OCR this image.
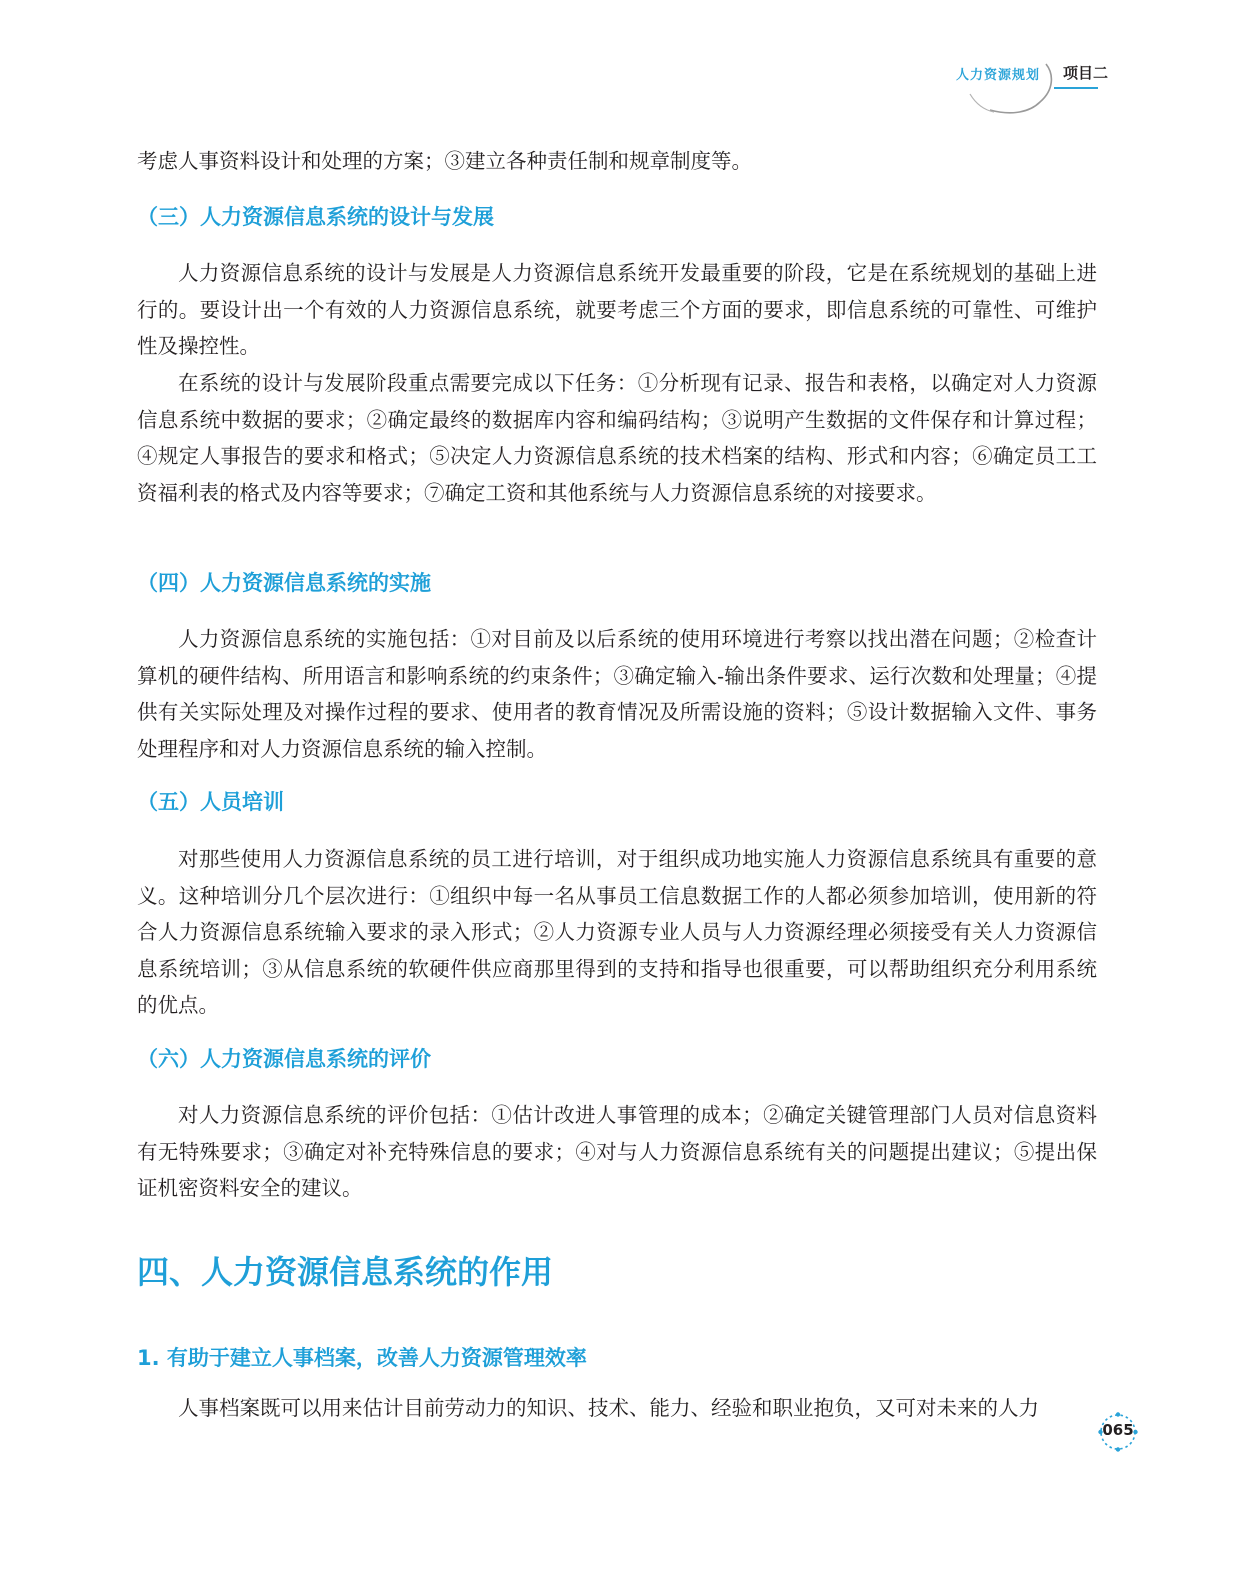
人力资源规划 项目二

考虑人事资料设计和处理的方案；③建立各种责任制和规章制度等。

（三）人力资源信息系统的设计与发展

人力资源信息系统的设计与发展是人力资源信息系统开发最重要的阶段，它是在系统规划的基础上进行的。要设计出一个有效的人力资源信息系统，就要考虑三个方面的要求，即信息系统的可靠性、可维护性及操控性。

在系统的设计与发展阶段重点需要完成以下任务：①分析现有记录、报告和表格，以确定对人力资源信息系统中数据的要求；②确定最终的数据库内容和编码结构；③说明产生数据的文件保存和计算过程；④规定人事报告的要求和格式；⑤决定人力资源信息系统的技术档案的结构、形式和内容；⑥确定员工工资福利表的格式及内容等要求；⑦确定工资和其他系统与人力资源信息系统的对接要求。

（四）人力资源信息系统的实施

人力资源信息系统的实施包括：①对目前及以后系统的使用环境进行考察以找出潜在问题；②检查计算机的硬件结构、所用语言和影响系统的约束条件；③确定输入-输出条件要求、运行次数和处理量；④提供有关实际处理及对操作过程的要求、使用者的教育情况及所需设施的资料；⑤设计数据输入文件、事务处理程序和对人力资源信息系统的输入控制。

（五）人员培训

对那些使用人力资源信息系统的员工进行培训，对于组织成功地实施人力资源信息系统具有重要的意义。这种培训分几个层次进行：①组织中每一名从事员工信息数据工作的人都必须参加培训，使用新的符合人力资源信息系统输入要求的录入形式；②人力资源专业人员与人力资源经理必须接受有关人力资源信息系统培训；③从信息系统的软硬件供应商那里得到的支持和指导也很重要，可以帮助组织充分利用系统的优点。

（六）人力资源信息系统的评价

对人力资源信息系统的评价包括：①估计改进人事管理的成本；②确定关键管理部门人员对信息资料有无特殊要求；③确定对补充特殊信息的要求；④对与人力资源信息系统有关的问题提出建议；⑤提出保证机密资料安全的建议。

四、人力资源信息系统的作用
1. 有助于建立人事档案，改善人力资源管理效率

人事档案既可以用来估计目前劳动力的知识、技术、能力、经验和职业抱负，又可对未来的人力

065
